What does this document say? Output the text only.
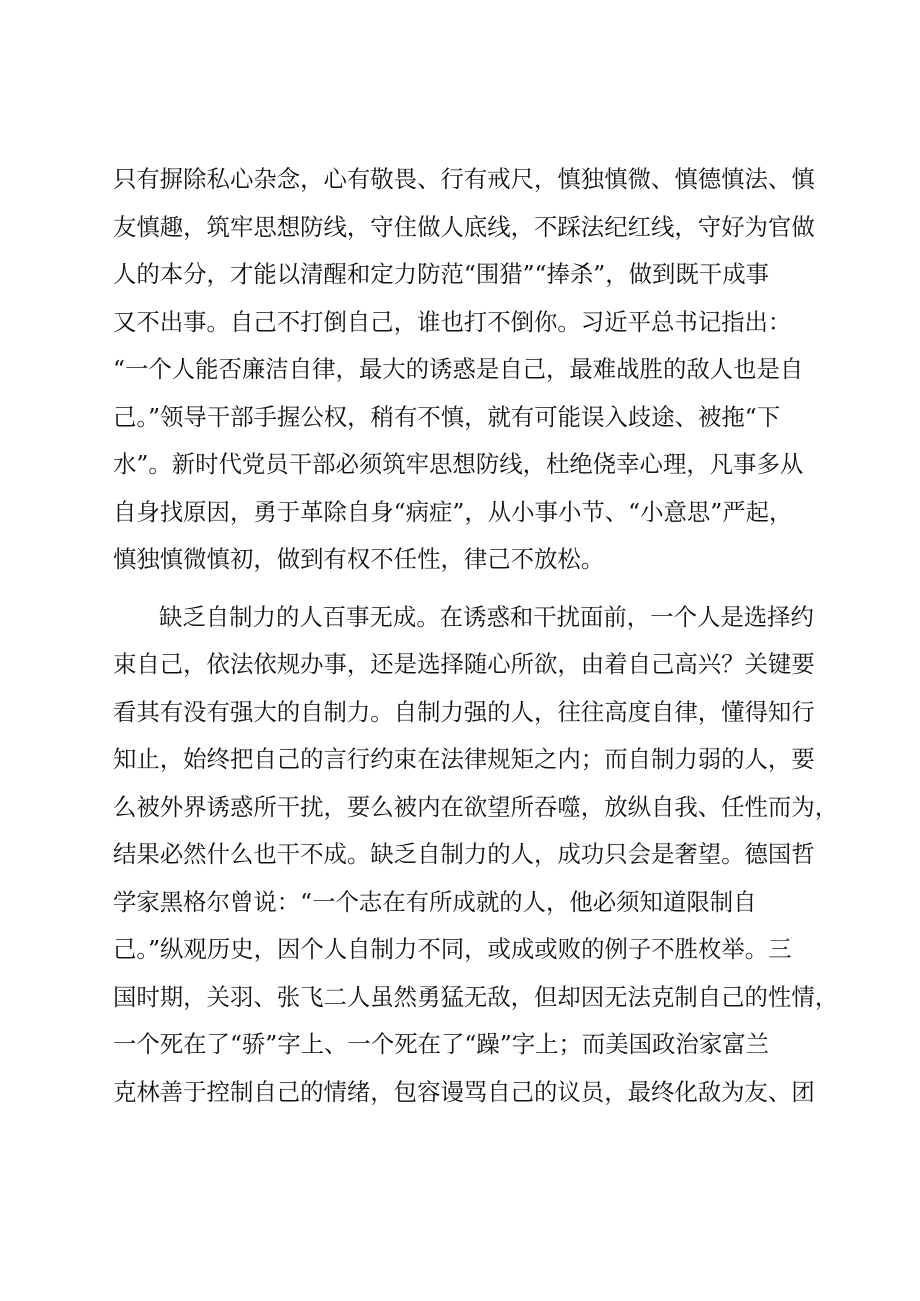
只有摒除私心杂念，心有敬畏、行有戒尺，慎独慎微、慎德慎法、慎
友慎趣，筑牢思想防线，守住做人底线，不踩法纪红线，守好为官做
人的本分，才能以清醒和定力防范“围猎”“捧杀”，做到既干成事
又不出事。自己不打倒自己，谁也打不倒你。习近平总书记指出：
“一个人能否廉洁自律，最大的诱惑是自己，最难战胜的敌人也是自
己。”领导干部手握公权，稍有不慎，就有可能误入歧途、被拖“下
水”。新时代党员干部必须筑牢思想防线，杜绝侥幸心理，凡事多从
自身找原因，勇于革除自身“病症”，从小事小节、“小意思”严起，
慎独慎微慎初，做到有权不任性，律己不放松。
缺乏自制力的人百事无成。在诱惑和干扰面前，一个人是选择约
束自己，依法依规办事，还是选择随心所欲，由着自己高兴？关键要
看其有没有强大的自制力。自制力强的人，往往高度自律，懂得知行
知止，始终把自己的言行约束在法律规矩之内；而自制力弱的人，要
么被外界诱惑所干扰，要么被内在欲望所吞噬，放纵自我、任性而为，
结果必然什么也干不成。缺乏自制力的人，成功只会是奢望。德国哲
学家黑格尔曾说：“一个志在有所成就的人，他必须知道限制自
己。”纵观历史，因个人自制力不同，或成或败的例子不胜枚举。三
国时期，关羽、张飞二人虽然勇猛无敌，但却因无法克制自己的性情，
一个死在了“骄”字上、一个死在了“躁”字上；而美国政治家富兰
克林善于控制自己的情绪，包容谩骂自己的议员，最终化敌为友、团
